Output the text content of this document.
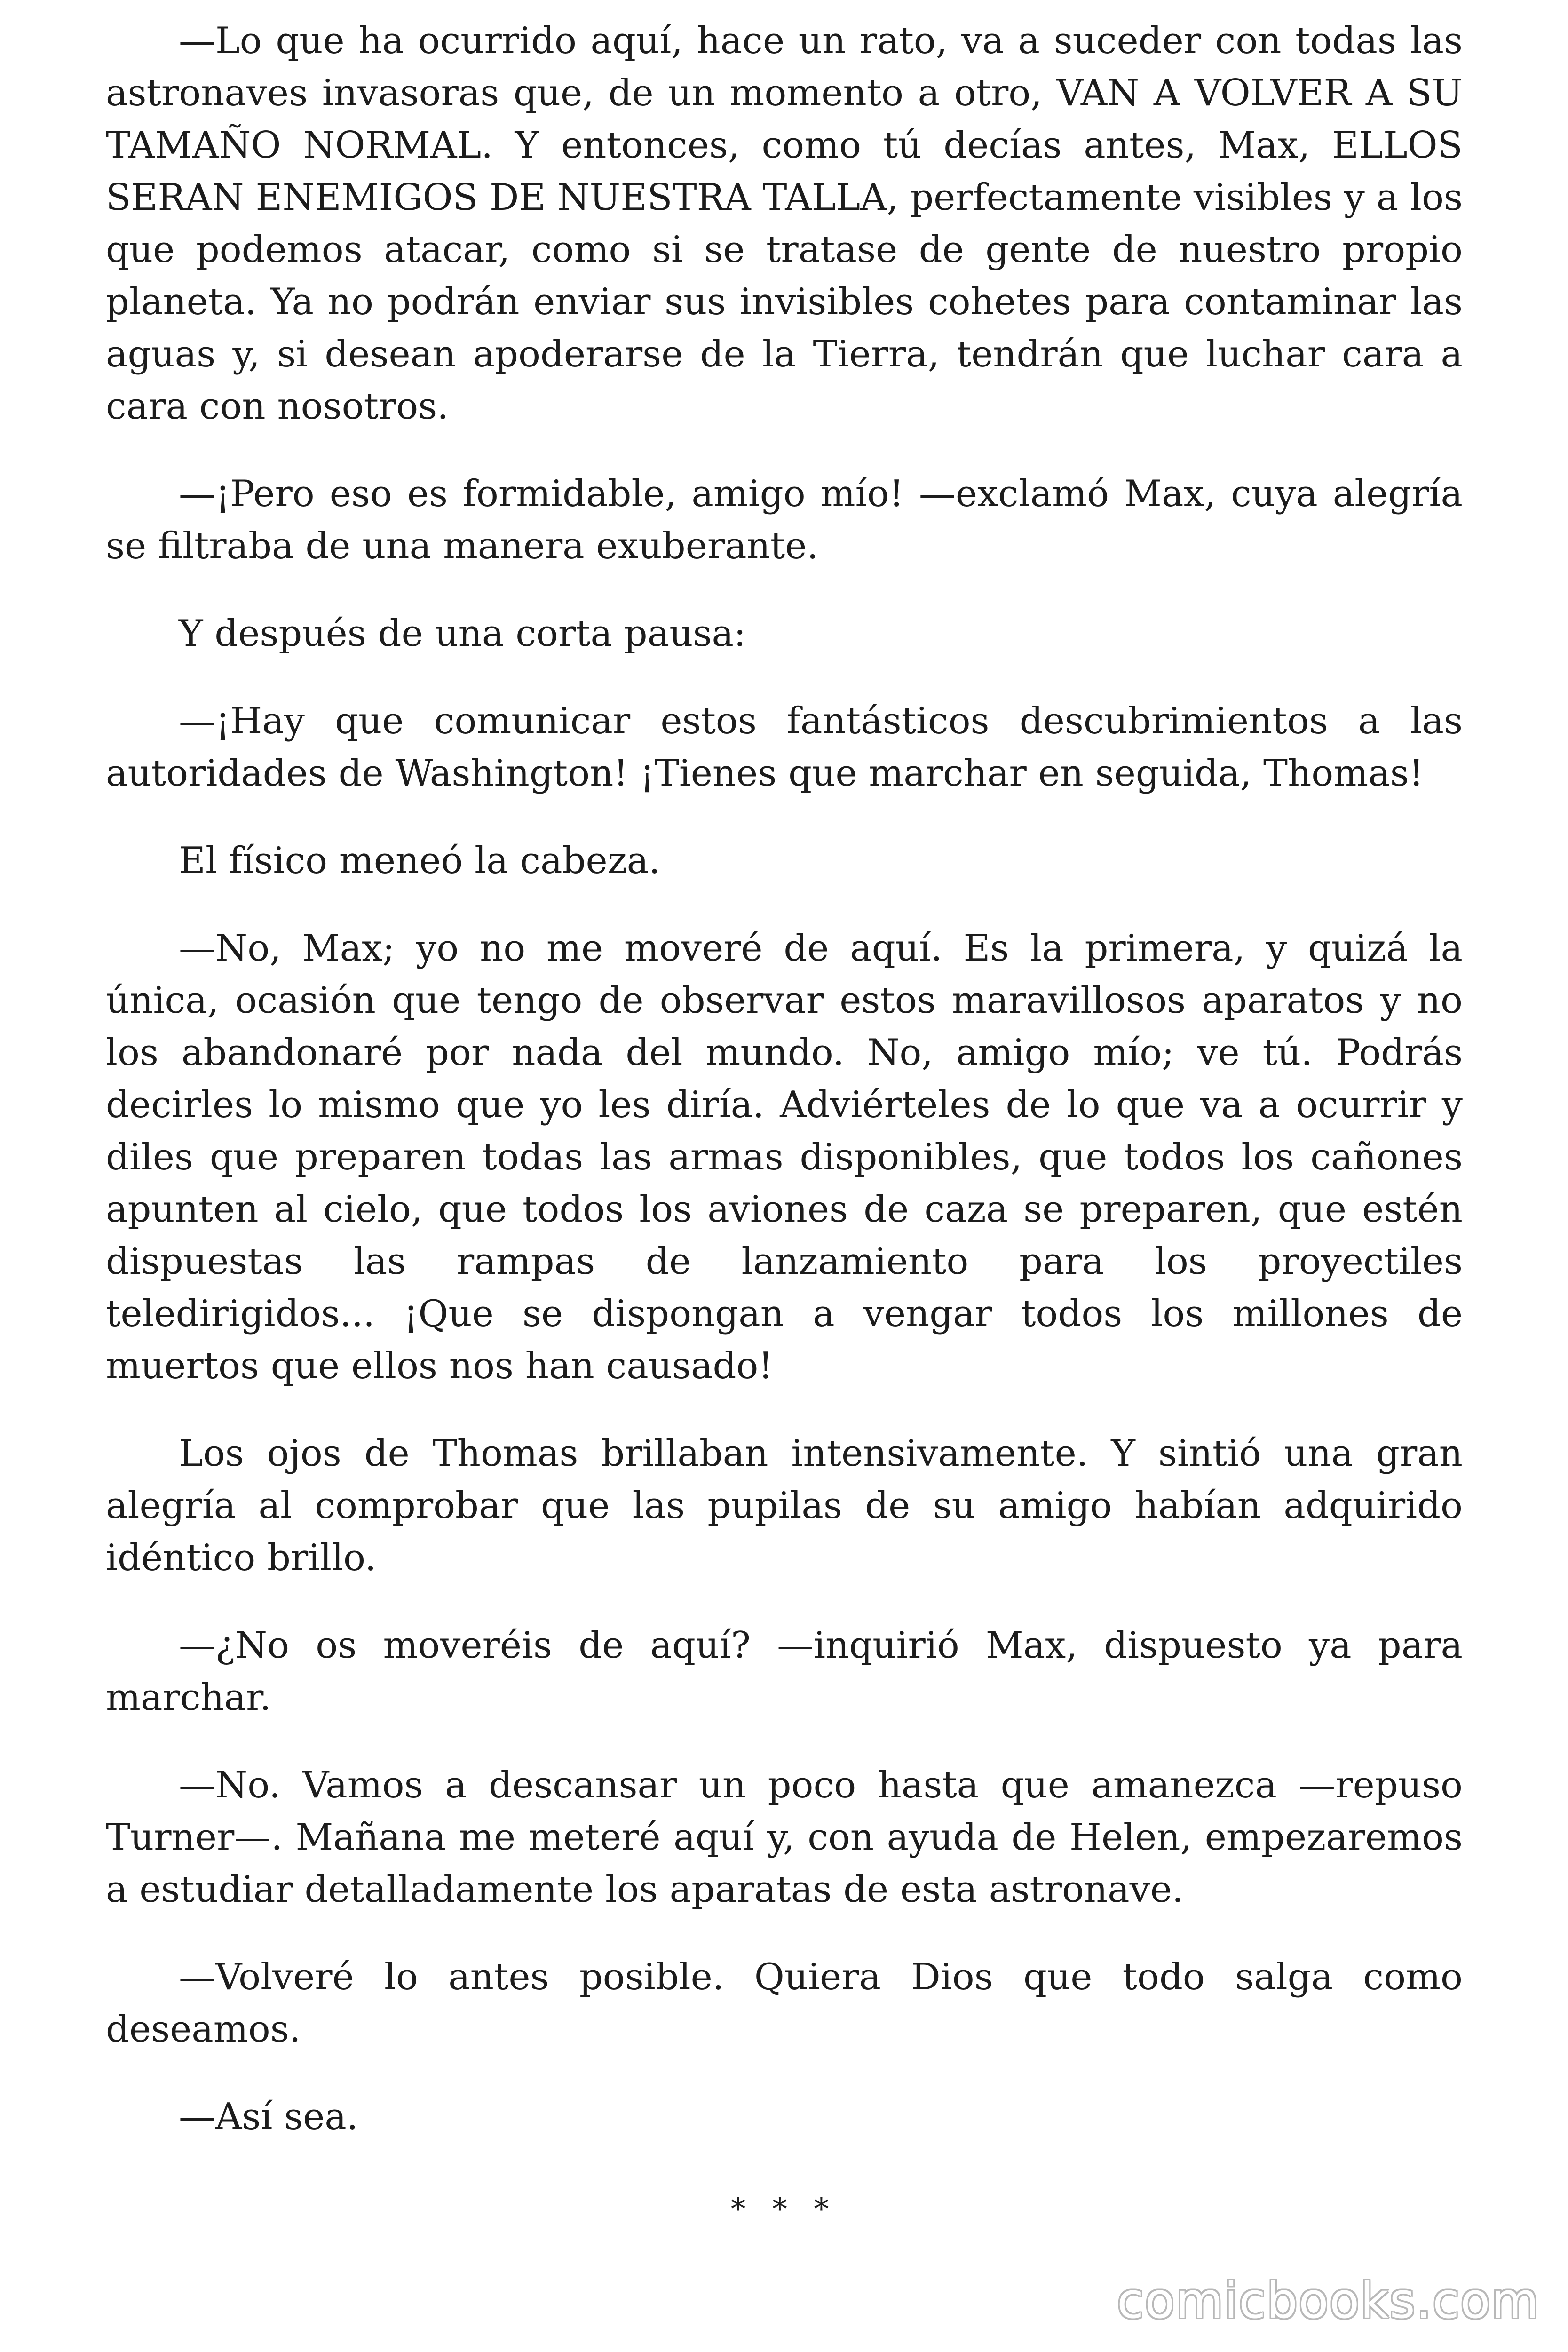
—Lo que ha ocurrido aquí, hace un rato, va a suceder con todas las astronaves invasoras que, de un momento a otro, VAN A VOLVER A SU TAMAÑO NORMAL. Y entonces, como tú decías antes, Max, ELLOS SERAN ENEMIGOS DE NUESTRA TALLA, perfectamente visibles y a los que podemos atacar, como si se tratase de gente de nuestro propio planeta. Ya no podrán enviar sus invisibles cohetes para contaminar las aguas y, si desean apoderarse de la Tierra, tendrán que luchar cara a cara con nosotros.

—¡Pero eso es formidable, amigo mío! —exclamó Max, cuya alegría se filtraba de una manera exuberante.

Y después de una corta pausa:

—¡Hay que comunicar estos fantásticos descubrimientos a las autoridades de Washington! ¡Tienes que marchar en seguida, Thomas!

El físico meneó la cabeza.

—No, Max; yo no me moveré de aquí. Es la primera, y quizá la única, ocasión que tengo de observar estos maravillosos aparatos y no los abandonaré por nada del mundo. No, amigo mío; ve tú. Podrás decirles lo mismo que yo les diría. Adviérteles de lo que va a ocurrir y diles que preparen todas las armas disponibles, que todos los cañones apunten al cielo, que todos los aviones de caza se preparen, que estén dispuestas las rampas de lanzamiento para los proyectiles teledirigidos... ¡Que se dispongan a vengar todos los millones de muertos que ellos nos han causado!

Los ojos de Thomas brillaban intensivamente. Y sintió una gran alegría al comprobar que las pupilas de su amigo habían adquirido idéntico brillo.

—¿No os moveréis de aquí? —inquirió Max, dispuesto ya para marchar.

—No. Vamos a descansar un poco hasta que amanezca —repuso Turner—. Mañana me meteré aquí y, con ayuda de Helen, empezaremos a estudiar detalladamente los aparatas de esta astronave.

—Volveré lo antes posible. Quiera Dios que todo salga como deseamos.

—Así sea.

* * *
comicbooks.com
